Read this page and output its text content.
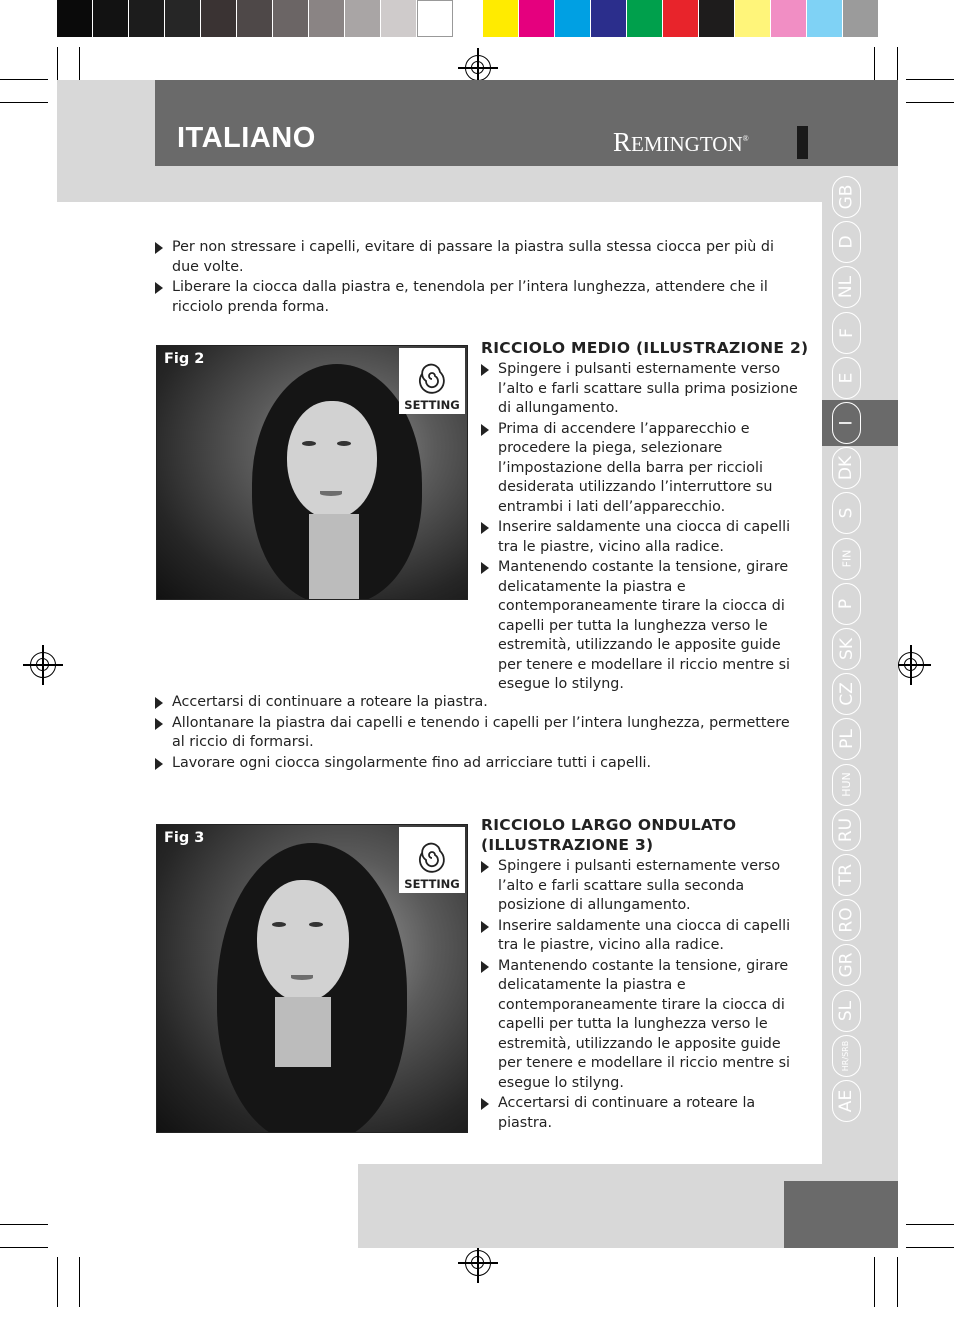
ITALIANO	REMINGTON®
GB
D
NL
F
E
I
DK
S
FIN
P
SK
CZ
PL
HUN
RU
TR
RO
GR
SL
HR/SRB
AE
Per non stressare i capelli, evitare di passare la piastra sulla stessa ciocca per più di due volte.
Liberare la ciocca dalla piastra e, tenendola per l’intera lunghezza, attendere che il ricciolo prenda forma.
Fig 2
SETTING
RICCIOLO MEDIO (ILLUSTRAZIONE 2)
Spingere i pulsanti esternamente verso l’alto e farli scattare sulla prima posizione di allungamento.
Prima di accendere l’apparecchio e procedere la piega, selezionare l’impostazione della barra per riccioli desiderata utilizzando l’interruttore su entrambi i lati dell’apparecchio.
Inserire saldamente una ciocca di capelli tra le piastre, vicino alla radice.
Mantenendo costante la tensione, girare delicatamente la piastra e contemporaneamente tirare la ciocca di capelli per tutta la lunghezza verso le estremità, utilizzando le apposite guide per tenere e modellare il riccio mentre si esegue lo stilyng.
Accertarsi di continuare a roteare la piastra.
Allontanare la piastra dai capelli e tenendo i capelli per l’intera lunghezza, permettere al riccio di formarsi.
Lavorare ogni ciocca singolarmente fino ad arricciare tutti i capelli.
Fig 3
SETTING
RICCIOLO LARGO ONDULATO
(ILLUSTRAZIONE 3)
Spingere i pulsanti esternamente verso l’alto e farli scattare sulla seconda posizione di allungamento.
Inserire saldamente una ciocca di capelli tra le piastre, vicino alla radice.
Mantenendo costante la tensione, girare delicatamente la piastra e contemporaneamente tirare la ciocca di capelli per tutta la lunghezza verso le estremità, utilizzando le apposite guide per tenere e modellare il riccio mentre si esegue lo stilyng.
Accertarsi di continuare a roteare la piastra.
